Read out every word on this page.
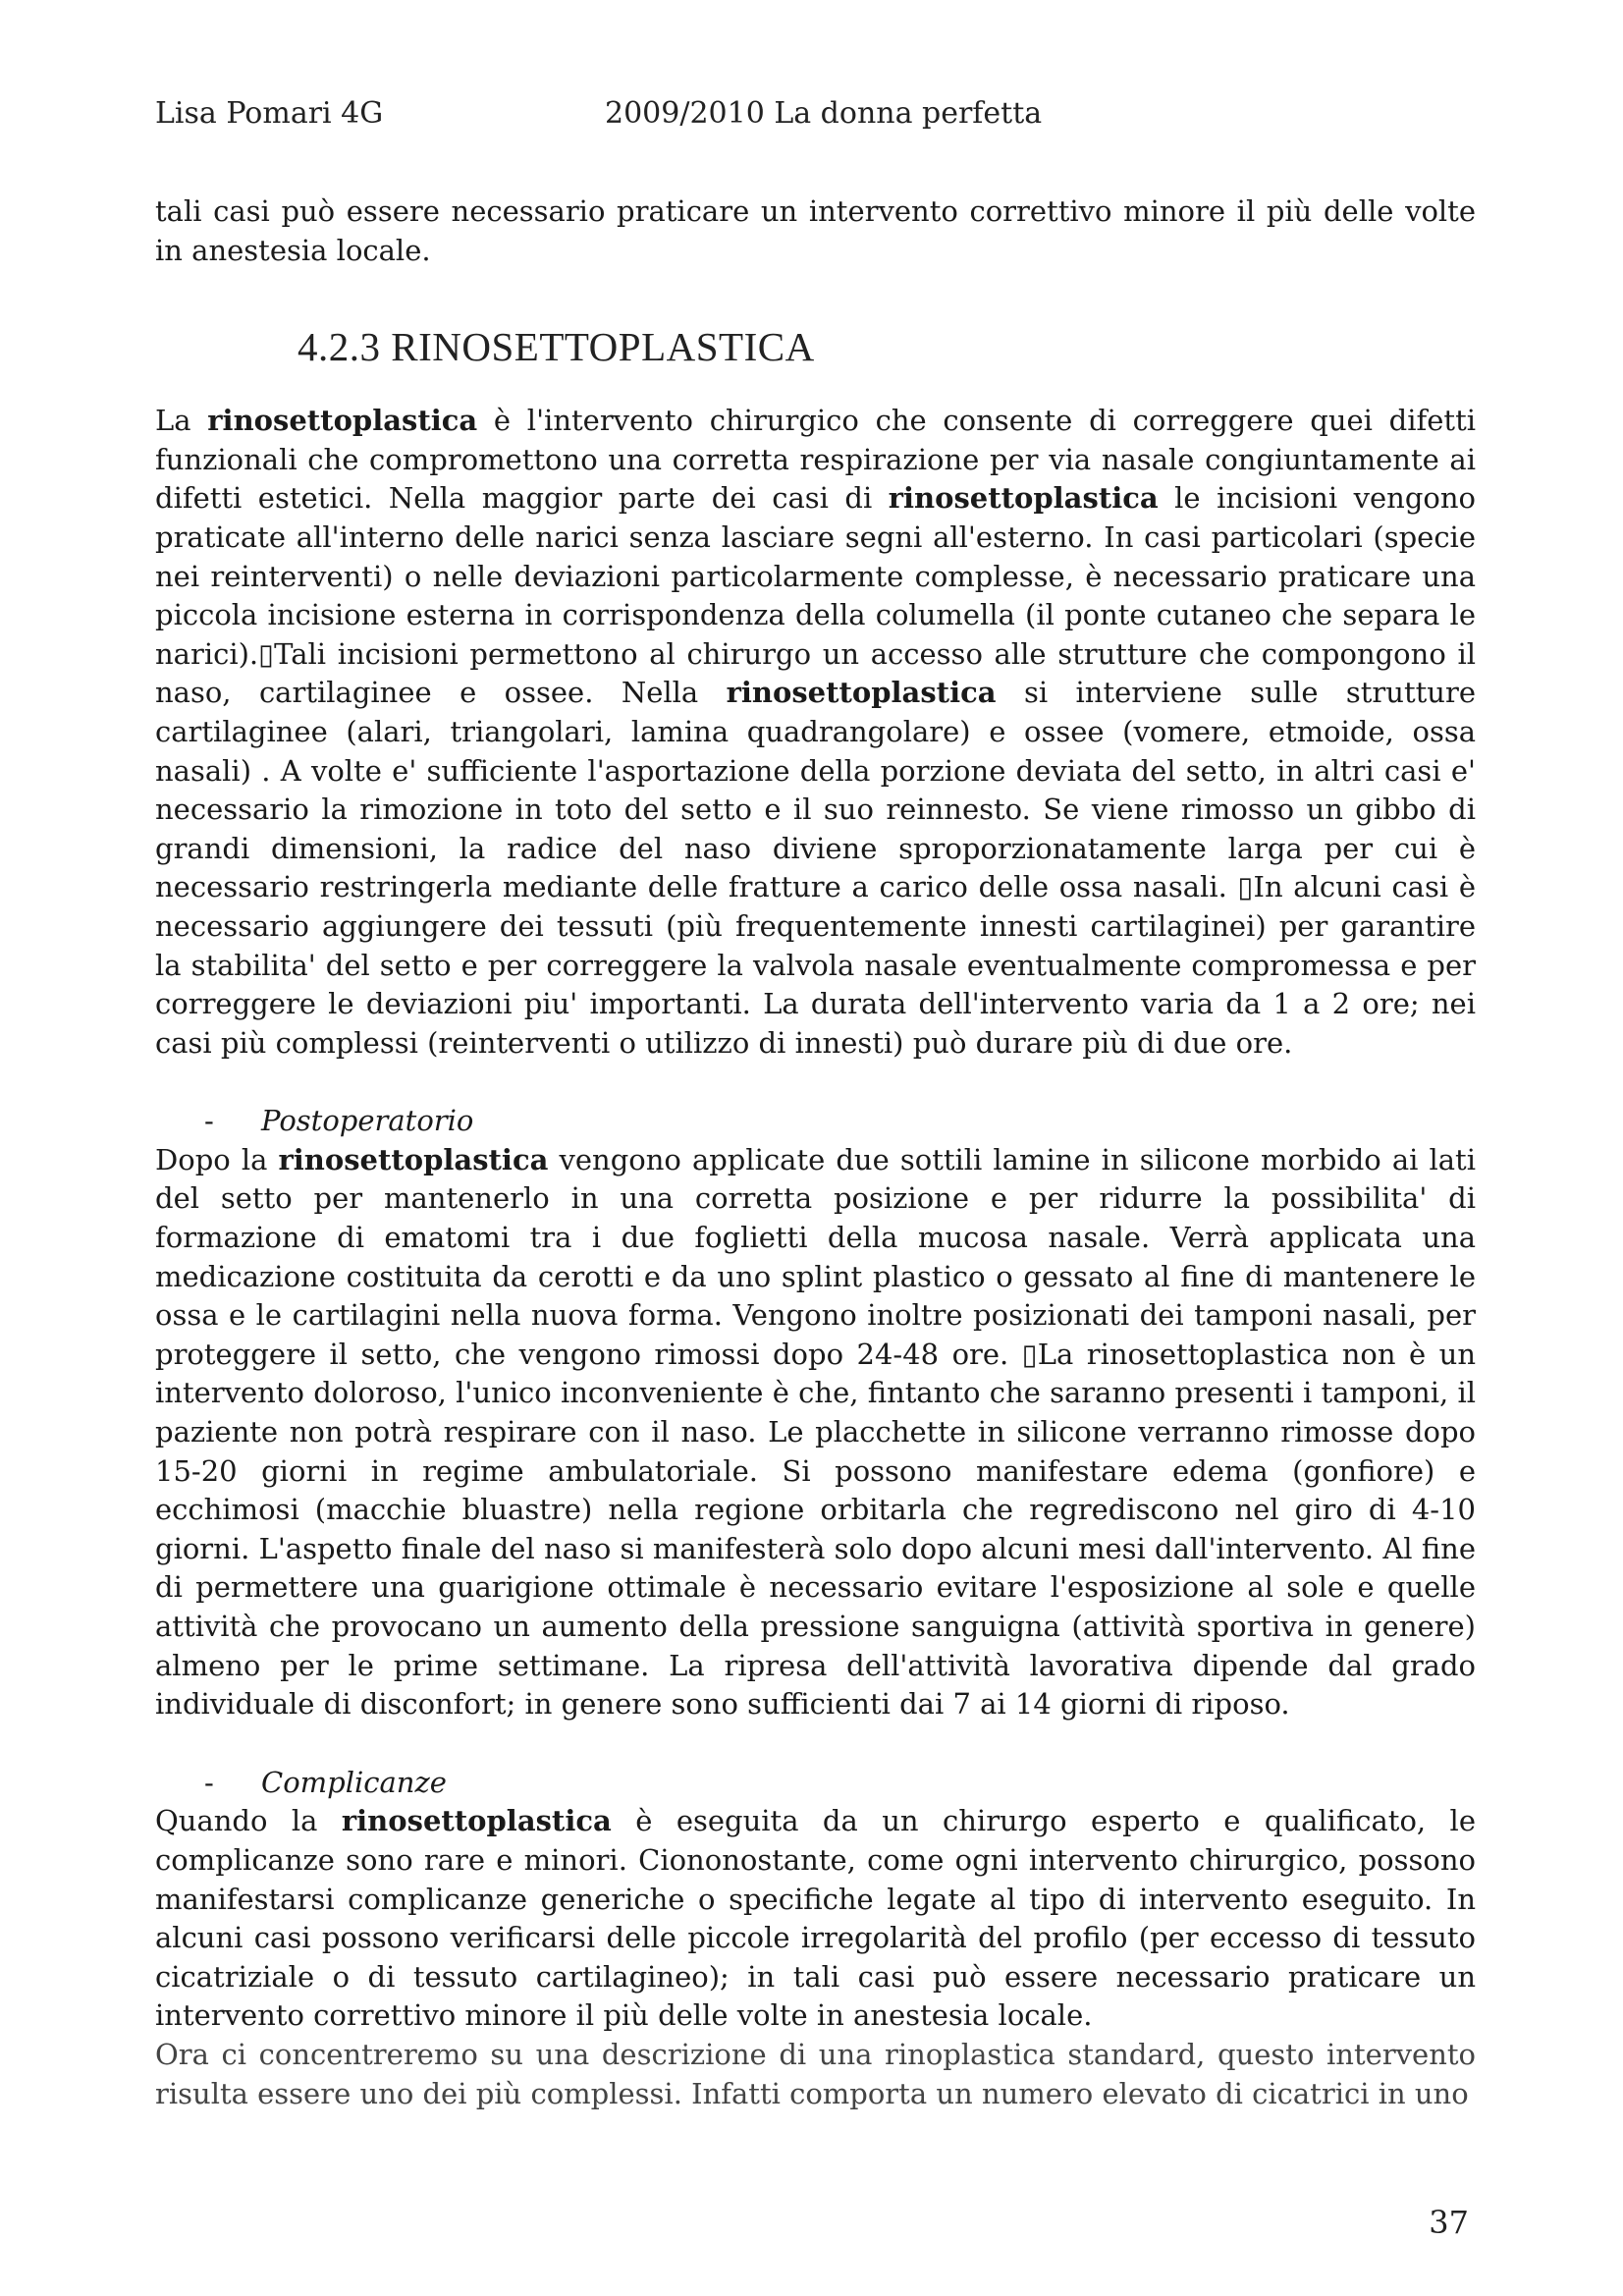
Lisa Pomari 4G	2009/2010 La donna perfetta

tali casi può essere necessario praticare un intervento correttivo minore il più delle volte in anestesia locale.

4.2.3 RINOSETTOPLASTICA

La rinosettoplastica è l'intervento chirurgico che consente di correggere quei difetti funzionali che compromettono una corretta respirazione per via nasale congiuntamente ai difetti estetici. Nella maggior parte dei casi di rinosettoplastica le incisioni vengono praticate all'interno delle narici senza lasciare segni all'esterno. In casi particolari (specie nei reinterventi) o nelle deviazioni particolarmente complesse, è necessario praticare una piccola incisione esterna in corrispondenza della columella (il ponte cutaneo che separa le narici).▯Tali incisioni permettono al chirurgo un accesso alle strutture che compongono il naso, cartilaginee e ossee. Nella rinosettoplastica si interviene sulle strutture cartilaginee (alari, triangolari, lamina quadrangolare) e ossee (vomere, etmoide, ossa nasali) . A volte e' sufficiente l'asportazione della porzione deviata del setto, in altri casi e' necessario la rimozione in toto del setto e il suo reinnesto. Se viene rimosso un gibbo di grandi dimensioni, la radice del naso diviene sproporzionatamente larga per cui è necessario restringerla mediante delle fratture a carico delle ossa nasali. ▯In alcuni casi è necessario aggiungere dei tessuti (più frequentemente innesti cartilaginei) per garantire la stabilita' del setto e per correggere la valvola nasale eventualmente compromessa e per correggere le deviazioni piu' importanti. La durata dell'intervento varia da 1 a 2 ore; nei casi più complessi (reinterventi o utilizzo di innesti) può durare più di due ore.

- Postoperatorio

Dopo la rinosettoplastica vengono applicate due sottili lamine in silicone morbido ai lati del setto per mantenerlo in una corretta posizione e per ridurre la possibilita' di formazione di ematomi tra i due foglietti della mucosa nasale. Verrà applicata una medicazione costituita da cerotti e da uno splint plastico o gessato al fine di mantenere le ossa e le cartilagini nella nuova forma. Vengono inoltre posizionati dei tamponi nasali, per proteggere il setto, che vengono rimossi dopo 24-48 ore. ▯La rinosettoplastica non è un intervento doloroso, l'unico inconveniente è che, fintanto che saranno presenti i tamponi, il paziente non potrà respirare con il naso. Le placchette in silicone verranno rimosse dopo 15-20 giorni in regime ambulatoriale. Si possono manifestare edema (gonfiore) e ecchimosi (macchie bluastre) nella regione orbitarla che regrediscono nel giro di 4-10 giorni. L'aspetto finale del naso si manifesterà solo dopo alcuni mesi dall'intervento. Al fine di permettere una guarigione ottimale è necessario evitare l'esposizione al sole e quelle attività che provocano un aumento della pressione sanguigna (attività sportiva in genere) almeno per le prime settimane. La ripresa dell'attività lavorativa dipende dal grado individuale di disconfort; in genere sono sufficienti dai 7 ai 14 giorni di riposo.

- Complicanze

Quando la rinosettoplastica è eseguita da un chirurgo esperto e qualificato, le complicanze sono rare e minori. Ciononostante, come ogni intervento chirurgico, possono manifestarsi complicanze generiche o specifiche legate al tipo di intervento eseguito. In alcuni casi possono verificarsi delle piccole irregolarità del profilo (per eccesso di tessuto cicatriziale o di tessuto cartilagineo); in tali casi può essere necessario praticare un intervento correttivo minore il più delle volte in anestesia locale.

Ora ci concentreremo su una descrizione di una rinoplastica standard, questo intervento risulta essere uno dei più complessi. Infatti comporta un numero elevato di cicatrici in uno

37
